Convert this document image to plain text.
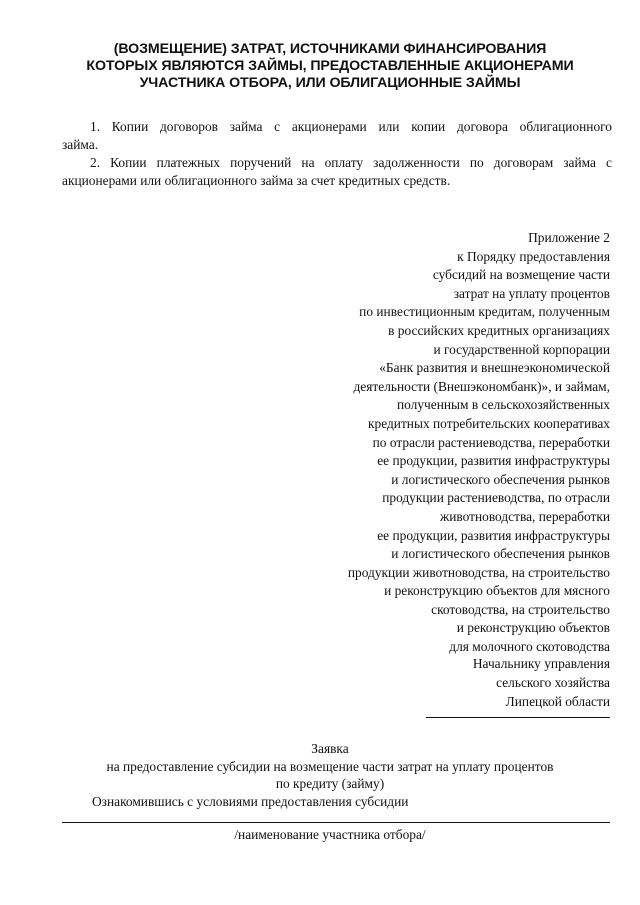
(ВОЗМЕЩЕНИЕ) ЗАТРАТ, ИСТОЧНИКАМИ ФИНАНСИРОВАНИЯ
КОТОРЫХ ЯВЛЯЮТСЯ ЗАЙМЫ, ПРЕДОСТАВЛЕННЫЕ АКЦИОНЕРАМИ
УЧАСТНИКА ОТБОРА, ИЛИ ОБЛИГАЦИОННЫЕ ЗАЙМЫ
1. Копии договоров займа с акционерами или копии договора облигационного
займа.
2. Копии платежных поручений на оплату задолженности по договорам займа с
акционерами или облигационного займа за счет кредитных средств.
Приложение 2
к Порядку предоставления
субсидий на возмещение части
затрат на уплату процентов
по инвестиционным кредитам, полученным
в российских кредитных организациях
и государственной корпорации
«Банк развития и внешнеэкономической
деятельности (Внешэкономбанк)», и займам,
полученным в сельскохозяйственных
кредитных потребительских кооперативах
по отрасли растениеводства, переработки
ее продукции, развития инфраструктуры
и логистического обеспечения рынков
продукции растениеводства, по отрасли
животноводства, переработки
ее продукции, развития инфраструктуры
и логистического обеспечения рынков
продукции животноводства, на строительство
и реконструкцию объектов для мясного
скотоводства, на строительство
и реконструкцию объектов
для молочного скотоводства
Начальнику управления
сельского хозяйства
Липецкой области
Заявка
на предоставление субсидии на возмещение части затрат на уплату процентов
по кредиту (займу)
Ознакомившись с условиями предоставления субсидии
/наименование участника отбора/
